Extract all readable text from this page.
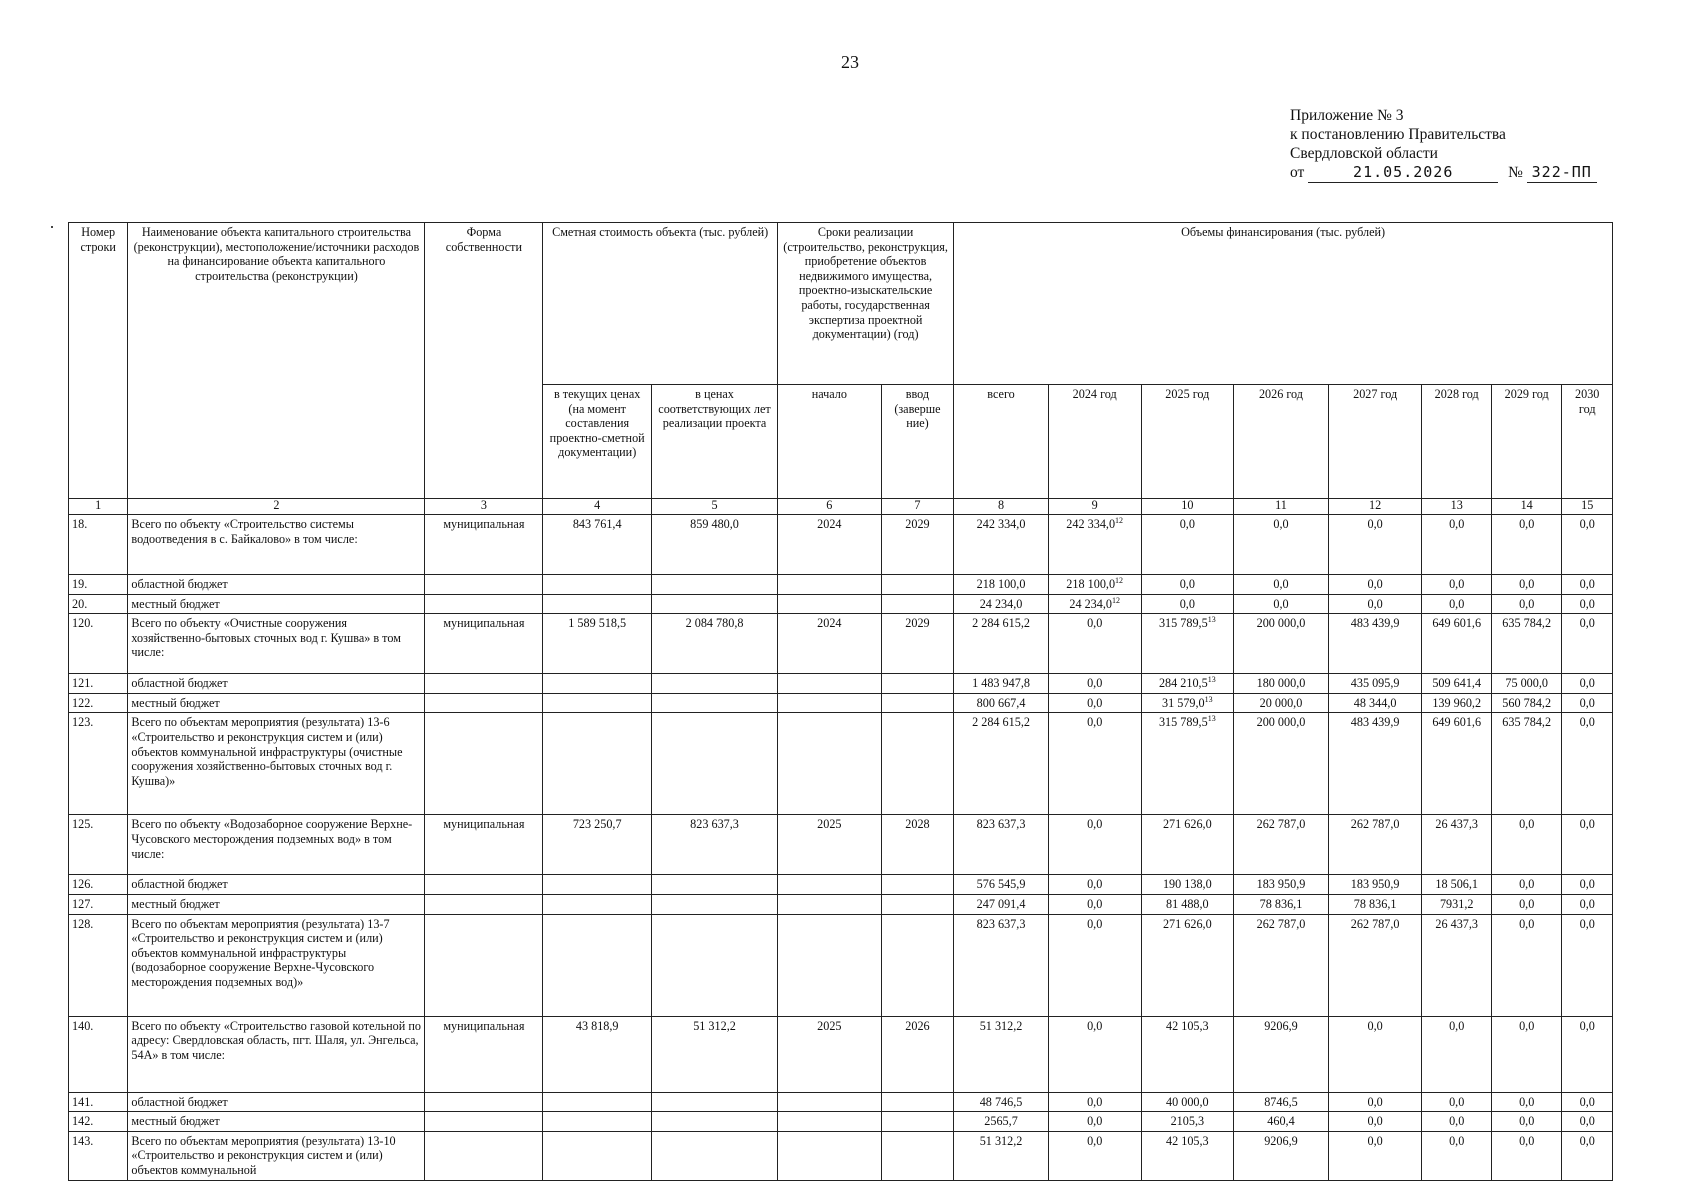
23
Приложение № 3
к постановлению Правительства
Свердловской области
от	21.05.2026	№ 322-ПП
Номер строки	Наименование объекта капитального строительства (реконструкции), местоположение/источники расходов на финансирование объекта капитального строительства (реконструкции)	Форма собственности	Сметная стоимость объекта (тыс. рублей)		Сроки реализации (строительство, реконструкция, приобретение объектов недвижимого имущества, проектно-изыскательские работы, государственная экспертиза проектной документации) (год)		Объемы финансирования (тыс. рублей)							
			в текущих ценах (на момент составления проектно-сметной документации)	в ценах соответствующих лет реализации проекта	начало	ввод (заверше ние)	всего	2024 год	2025 год	2026 год	2027 год	2028 год	2029 год	2030 год
1	2	3	4	5	6	7	8	9	10	11	12	13	14	15
18.	Всего по объекту «Строительство системы водоотведения в с. Байкалово» в том числе:	муниципальная	843 761,4	859 480,0	2024	2029	242 334,0	242 334,0$^{12}$	0,0	0,0	0,0	0,0	0,0	0,0
19.	областной бюджет						218 100,0	218 100,0$^{12}$	0,0	0,0	0,0	0,0	0,0	0,0
20.	местный бюджет						24 234,0	24 234,0$^{12}$	0,0	0,0	0,0	0,0	0,0	0,0
120.	Всего по объекту «Очистные сооружения хозяйственно-бытовых сточных вод г. Кушва» в том числе:	муниципальная	1 589 518,5	2 084 780,8	2024	2029	2 284 615,2	0,0	315 789,5$^{13}$	200 000,0	483 439,9	649 601,6	635 784,2	0,0
121.	областной бюджет						1 483 947,8	0,0	284 210,5$^{13}$	180 000,0	435 095,9	509 641,4	75 000,0	0,0
122.	местный бюджет						800 667,4	0,0	31 579,0$^{13}$	20 000,0	48 344,0	139 960,2	560 784,2	0,0
123.	Всего по объектам мероприятия (результата) 13-6 «Строительство и реконструкция систем и (или) объектов коммунальной инфраструктуры (очистные сооружения хозяйственно-бытовых сточных вод г. Кушва)»						2 284 615,2	0,0	315 789,5$^{13}$	200 000,0	483 439,9	649 601,6	635 784,2	0,0
125.	Всего по объекту «Водозаборное сооружение Верхне-Чусовского месторождения подземных вод» в том числе:	муниципальная	723 250,7	823 637,3	2025	2028	823 637,3	0,0	271 626,0	262 787,0	262 787,0	26 437,3	0,0	0,0
126.	областной бюджет						576 545,9	0,0	190 138,0	183 950,9	183 950,9	18 506,1	0,0	0,0
127.	местный бюджет						247 091,4	0,0	81 488,0	78 836,1	78 836,1	7931,2	0,0	0,0
128.	Всего по объектам мероприятия (результата) 13-7 «Строительство и реконструкция систем и (или) объектов коммунальной инфраструктуры (водозаборное сооружение Верхне-Чусовского месторождения подземных вод)»						823 637,3	0,0	271 626,0	262 787,0	262 787,0	26 437,3	0,0	0,0
140.	Всего по объекту «Строительство газовой котельной по адресу: Свердловская область, пгт. Шаля, ул. Энгельса, 54А» в том числе:	муниципальная	43 818,9	51 312,2	2025	2026	51 312,2	0,0	42 105,3	9206,9	0,0	0,0	0,0	0,0
141.	областной бюджет						48 746,5	0,0	40 000,0	8746,5	0,0	0,0	0,0	0,0
142.	местный бюджет						2565,7	0,0	2105,3	460,4	0,0	0,0	0,0	0,0
143.	Всего по объектам мероприятия (результата) 13-10 «Строительство и реконструкция систем и (или) объектов коммунальной						51 312,2	0,0	42 105,3	9206,9	0,0	0,0	0,0	0,0
